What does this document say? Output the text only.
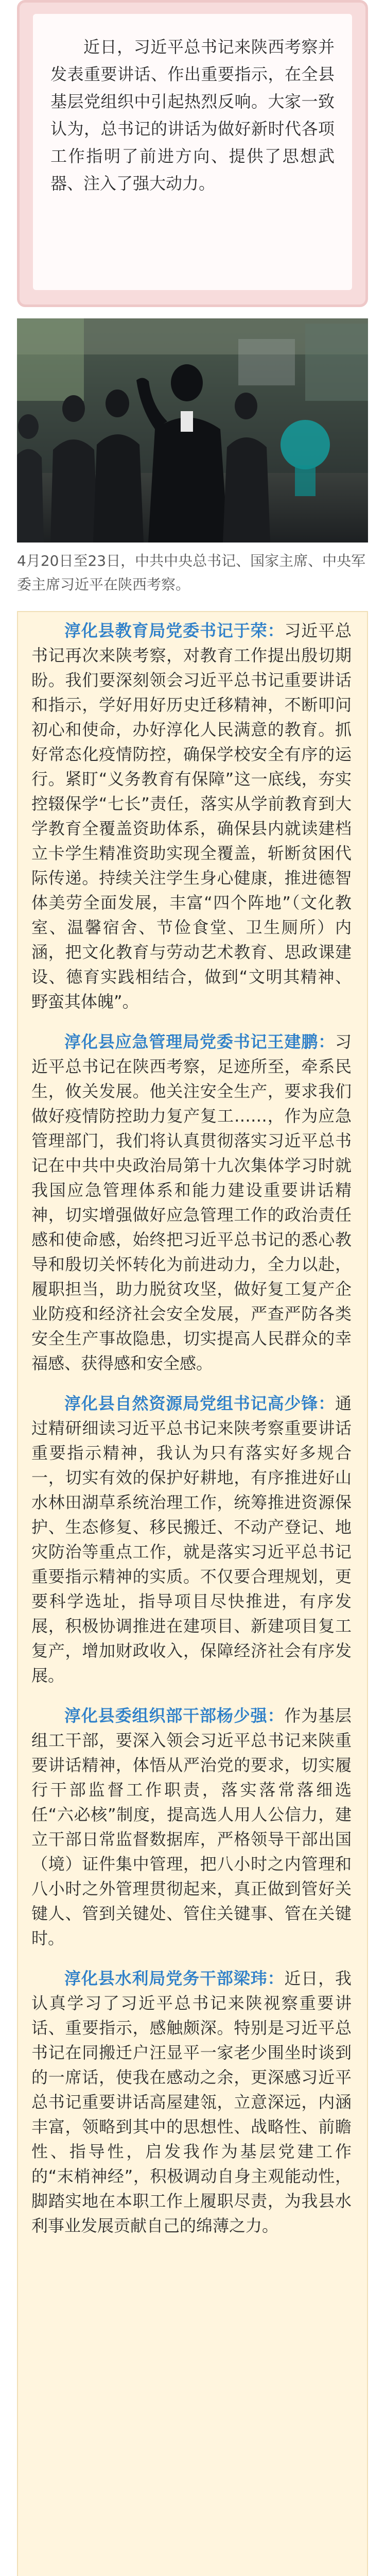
近日，习近平总书记来陕西考察并发表重要讲话、作出重要指示，在全县基层党组织中引起热烈反响。大家一致认为，总书记的讲话为做好新时代各项工作指明了前进方向、提供了思想武器、注入了强大动力。

4月20日至23日，中共中央总书记、国家主席、中央军委主席习近平在陕西考察。

淳化县教育局党委书记于荣：习近平总书记再次来陕考察，对教育工作提出殷切期盼。我们要深刻领会习近平总书记重要讲话和指示，学好用好历史迁移精神，不断叩问初心和使命，办好淳化人民满意的教育。抓好常态化疫情防控，确保学校安全有序的运行。紧盯“义务教育有保障”这一底线，夯实控辍保学“七长”责任，落实从学前教育到大学教育全覆盖资助体系，确保县内就读建档立卡学生精准资助实现全覆盖，斩断贫困代际传递。持续关注学生身心健康，推进德智体美劳全面发展，丰富“四个阵地”（文化教室、温馨宿舍、节俭食堂、卫生厕所）内涵，把文化教育与劳动艺术教育、思政课建设、德育实践相结合，做到“文明其精神、野蛮其体魄”。

淳化县应急管理局党委书记王建鹏：习近平总书记在陕西考察，足迹所至，牵系民生，攸关发展。他关注安全生产，要求我们做好疫情防控助力复产复工……，作为应急管理部门，我们将认真贯彻落实习近平总书记在中共中央政治局第十九次集体学习时就我国应急管理体系和能力建设重要讲话精神，切实增强做好应急管理工作的政治责任感和使命感，始终把习近平总书记的悉心教导和殷切关怀转化为前进动力，全力以赴，履职担当，助力脱贫攻坚，做好复工复产企业防疫和经济社会安全发展，严查严防各类安全生产事故隐患，切实提高人民群众的幸福感、获得感和安全感。

淳化县自然资源局党组书记高少锋：通过精研细读习近平总书记来陕考察重要讲话重要指示精神，我认为只有落实好多规合一，切实有效的保护好耕地，有序推进好山水林田湖草系统治理工作，统筹推进资源保护、生态修复、移民搬迁、不动产登记、地灾防治等重点工作，就是落实习近平总书记重要指示精神的实质。不仅要合理规划，更要科学选址，指导项目尽快推进，有序发展，积极协调推进在建项目、新建项目复工复产，增加财政收入，保障经济社会有序发展。

淳化县委组织部干部杨少强：作为基层组工干部，要深入领会习近平总书记来陕重要讲话精神，体悟从严治党的要求，切实履行干部监督工作职责，落实落常落细选任“六必核”制度，提高选人用人公信力，建立干部日常监督数据库，严格领导干部出国（境）证件集中管理，把八小时之内管理和八小时之外管理贯彻起来，真正做到管好关键人、管到关键处、管住关键事、管在关键时。

淳化县水利局党务干部梁玮：近日，我认真学习了习近平总书记来陕视察重要讲话、重要指示，感触颇深。特别是习近平总书记在同搬迁户汪显平一家老少围坐时谈到的一席话，使我在感动之余，更深感习近平总书记重要讲话高屋建瓴，立意深远，内涵丰富，领略到其中的思想性、战略性、前瞻性、指导性，启发我作为基层党建工作的“末梢神经”，积极调动自身主观能动性，脚踏实地在本职工作上履职尽责，为我县水利事业发展贡献自己的绵薄之力。
